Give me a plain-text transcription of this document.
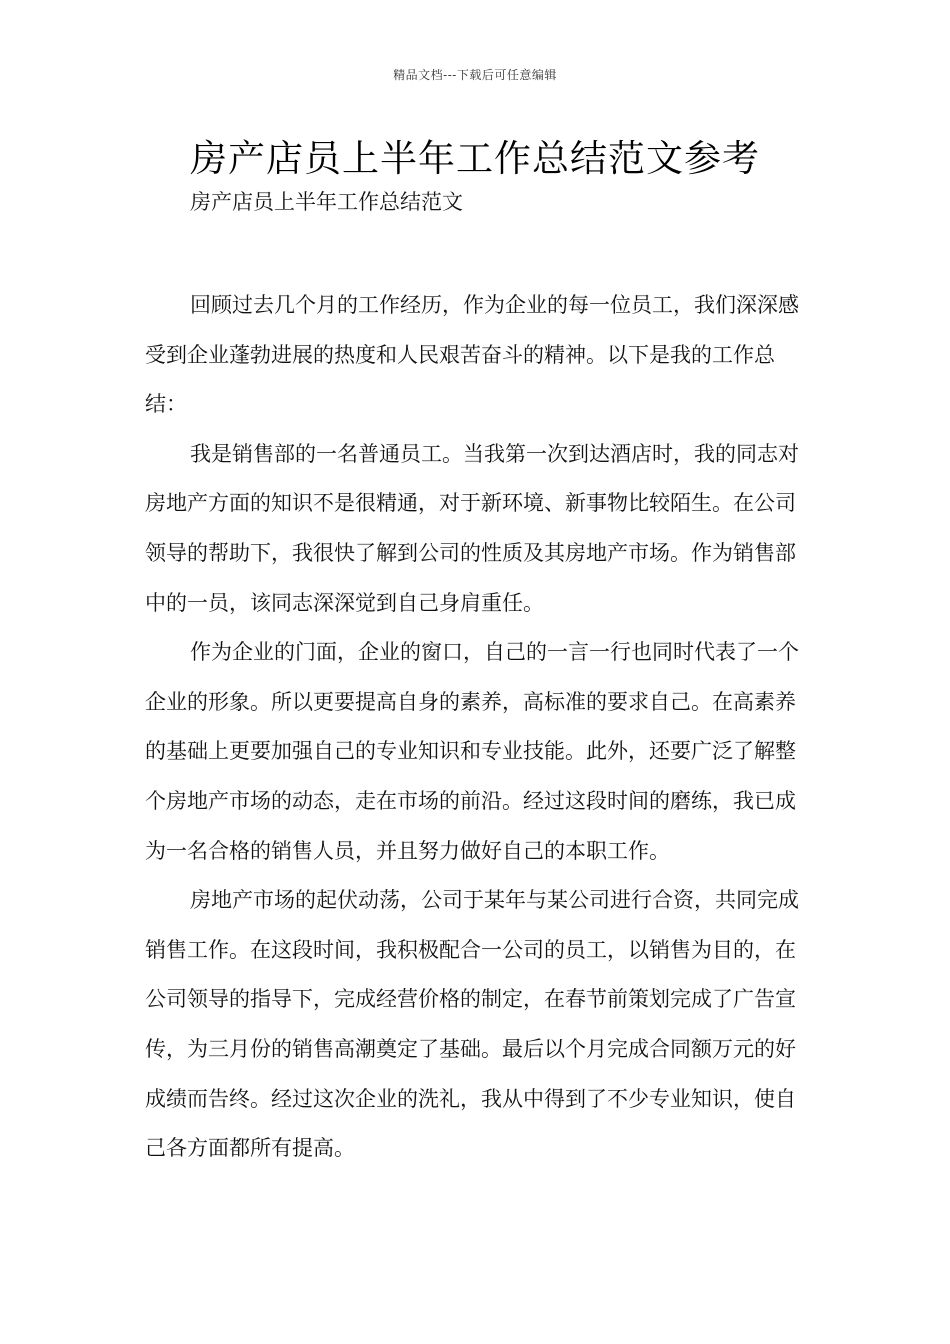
精品文档---下载后可任意编辑
房产店员上半年工作总结范文参考
房产店员上半年工作总结范文

回顾过去几个月的工作经历，作为企业的每一位员工，我们深深感受到企业蓬勃进展的热度和人民艰苦奋斗的精神。以下是我的工作总结：

我是销售部的一名普通员工。当我第一次到达酒店时，我的同志对房地产方面的知识不是很精通，对于新环境、新事物比较陌生。在公司领导的帮助下，我很快了解到公司的性质及其房地产市场。作为销售部中的一员，该同志深深觉到自己身肩重任。

作为企业的门面，企业的窗口，自己的一言一行也同时代表了一个企业的形象。所以更要提高自身的素养，高标准的要求自己。在高素养的基础上更要加强自己的专业知识和专业技能。此外，还要广泛了解整个房地产市场的动态，走在市场的前沿。经过这段时间的磨练，我已成为一名合格的销售人员，并且努力做好自己的本职工作。

房地产市场的起伏动荡，公司于某年与某公司进行合资，共同完成销售工作。在这段时间，我积极配合一公司的员工，以销售为目的，在公司领导的指导下，完成经营价格的制定，在春节前策划完成了广告宣传，为三月份的销售高潮奠定了基础。最后以个月完成合同额万元的好成绩而告终。经过这次企业的洗礼，我从中得到了不少专业知识，使自己各方面都所有提高。
